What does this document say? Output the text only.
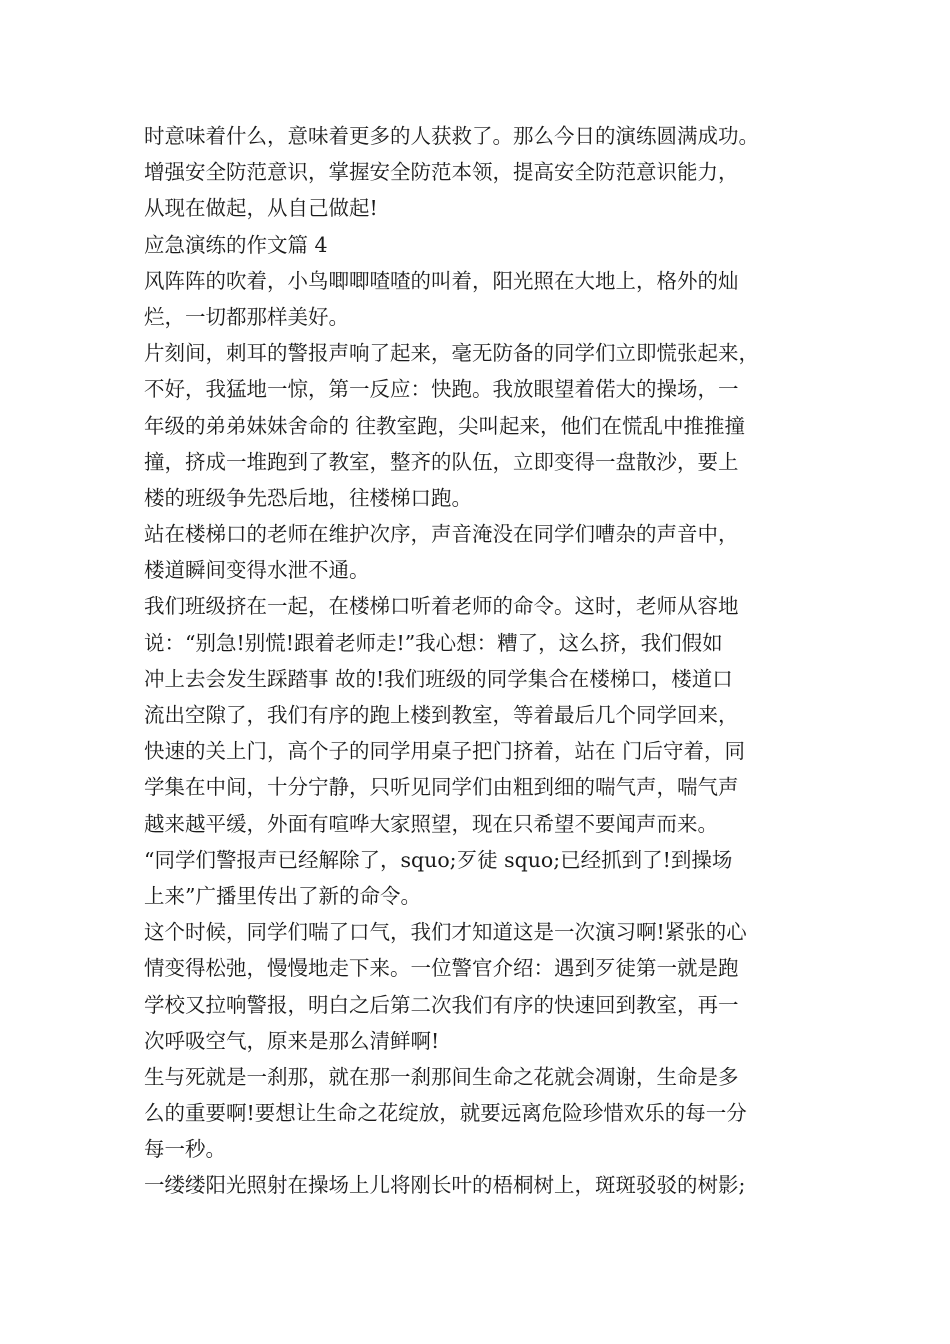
时意味着什么，意味着更多的人获救了。那么今日的演练圆满成功。
增强安全防范意识，掌握安全防范本领，提高安全防范意识能力，
从现在做起，从自己做起!
应急演练的作文篇 4
风阵阵的吹着，小鸟唧唧喳喳的叫着，阳光照在大地上，格外的灿
烂，一切都那样美好。
片刻间，刺耳的警报声响了起来，毫无防备的同学们立即慌张起来，
不好，我猛地一惊，第一反应：快跑。我放眼望着偌大的操场，一
年级的弟弟妹妹舍命的 往教室跑，尖叫起来，他们在慌乱中推推撞
撞，挤成一堆跑到了教室，整齐的队伍，立即变得一盘散沙，要上
楼的班级争先恐后地，往楼梯口跑。
站在楼梯口的老师在维护次序，声音淹没在同学们嘈杂的声音中，
楼道瞬间变得水泄不通。
我们班级挤在一起，在楼梯口听着老师的命令。这时，老师从容地
说：“别急!别慌!跟着老师走!”我心想：糟了，这么挤，我们假如
冲上去会发生踩踏事 故的!我们班级的同学集合在楼梯口，楼道口
流出空隙了，我们有序的跑上楼到教室，等着最后几个同学回来，
快速的关上门，高个子的同学用桌子把门挤着，站在 门后守着，同
学集在中间，十分宁静，只听见同学们由粗到细的喘气声，喘气声
越来越平缓，外面有喧哗大家照望，现在只希望不要闻声而来。
“同学们警报声已经解除了，squo;歹徒 squo;已经抓到了!到操场
上来”广播里传出了新的命令。
这个时候，同学们喘了口气，我们才知道这是一次演习啊!紧张的心
情变得松弛，慢慢地走下来。一位警官介绍：遇到歹徒第一就是跑
学校又拉响警报，明白之后第二次我们有序的快速回到教室，再一
次呼吸空气，原来是那么清鲜啊!
生与死就是一刹那，就在那一刹那间生命之花就会凋谢，生命是多
么的重要啊!要想让生命之花绽放，就要远离危险珍惜欢乐的每一分
每一秒。
一缕缕阳光照射在操场上儿将刚长叶的梧桐树上，斑斑驳驳的树影;
